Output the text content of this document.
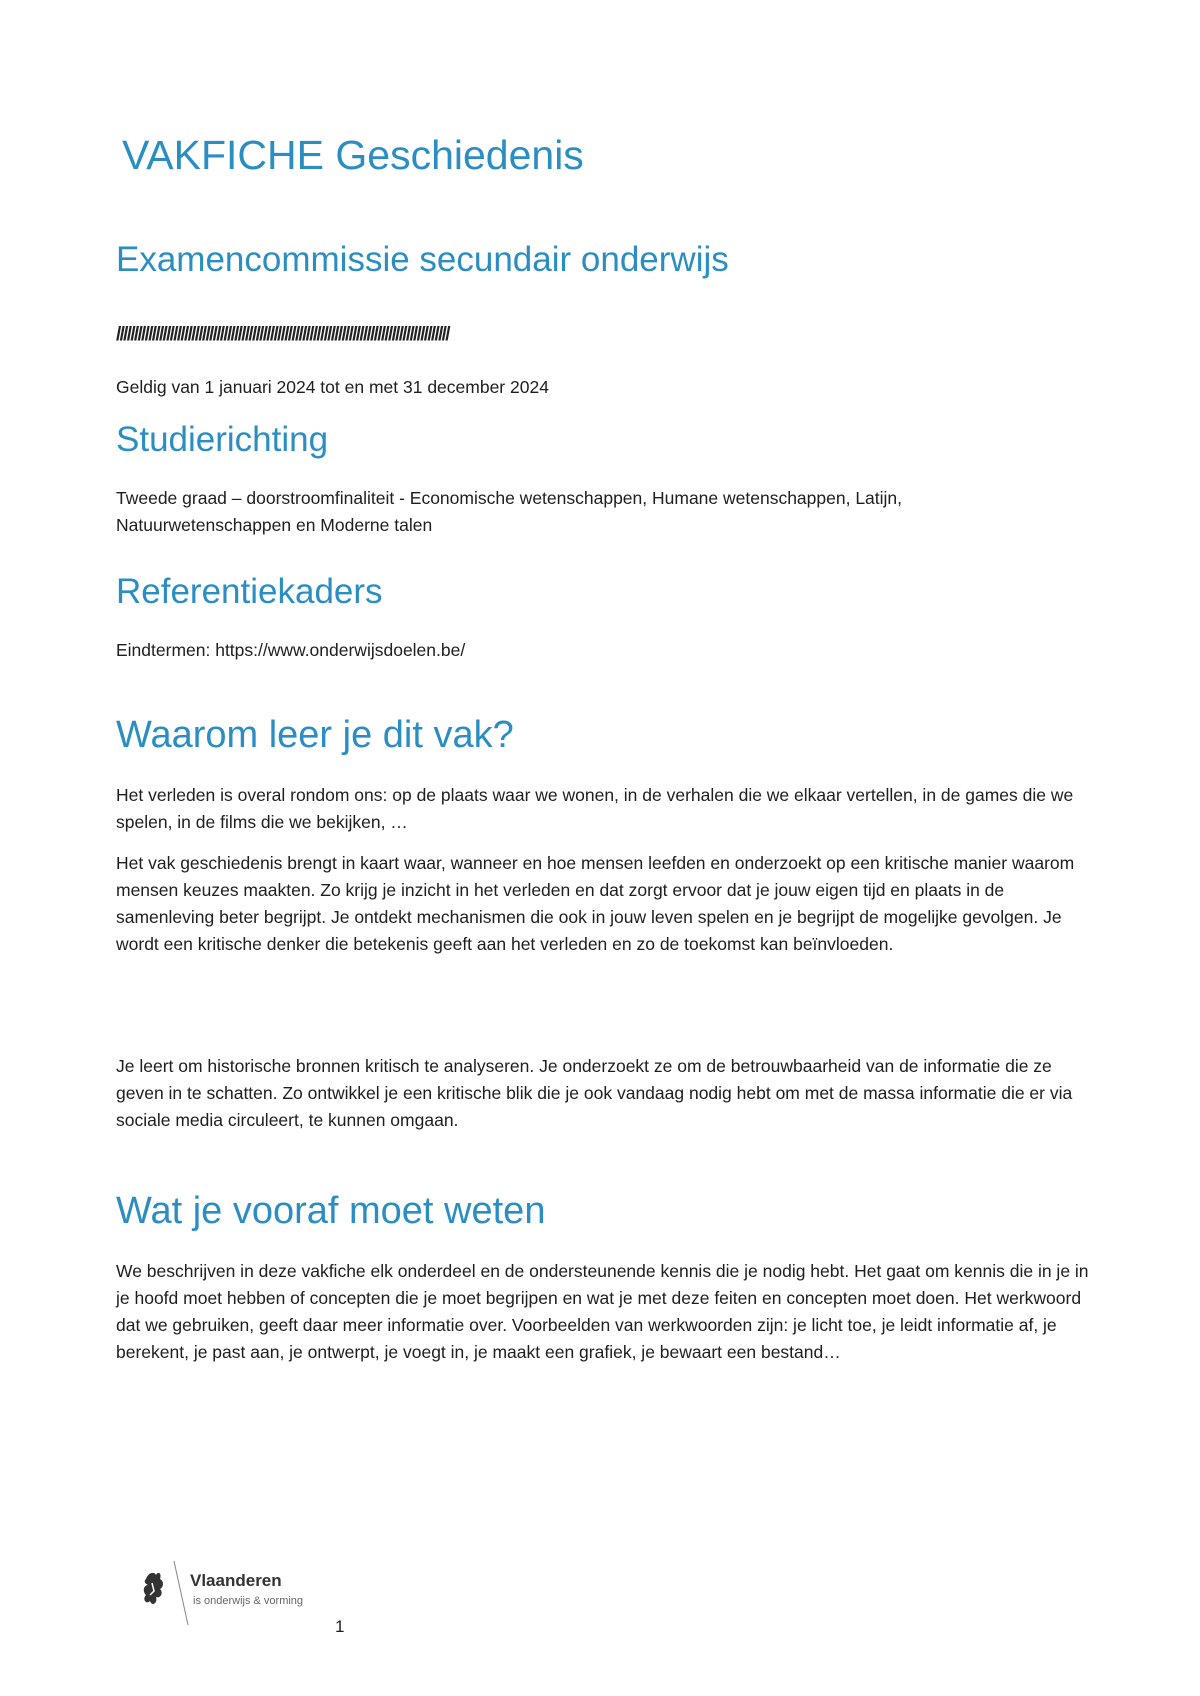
VAKFICHE Geschiedenis
Examencommissie secundair onderwijs

/////////////////////////////////////////////////////////////////////////////////////////////

Geldig van 1 januari 2024 tot en met 31 december 2024

Studierichting

Tweede graad – doorstroomfinaliteit - Economische wetenschappen, Humane wetenschappen, Latijn, Natuurwetenschappen en Moderne talen

Referentiekaders

Eindtermen: https://www.onderwijsdoelen.be/

Waarom leer je dit vak?

Het verleden is overal rondom ons: op de plaats waar we wonen, in de verhalen die we elkaar vertellen, in de games die we spelen, in de films die we bekijken, …

Het vak geschiedenis brengt in kaart waar, wanneer en hoe mensen leefden en onderzoekt op een kritische manier waarom mensen keuzes maakten. Zo krijg je inzicht in het verleden en dat zorgt ervoor dat je jouw eigen tijd en plaats in de samenleving beter begrijpt. Je ontdekt mechanismen die ook in jouw leven spelen en je begrijpt de mogelijke gevolgen. Je wordt een kritische denker die betekenis geeft aan het verleden en zo de toekomst kan beïnvloeden.

Je leert om historische bronnen kritisch te analyseren. Je onderzoekt ze om de betrouwbaarheid van de informatie die ze geven in te schatten. Zo ontwikkel je een kritische blik die je ook vandaag nodig hebt om met de massa informatie die er via sociale media circuleert, te kunnen omgaan.

Wat je vooraf moet weten

We beschrijven in deze vakfiche elk onderdeel en de ondersteunende kennis die je nodig hebt. Het gaat om kennis die in je in je hoofd moet hebben of concepten die je moet begrijpen en wat je met deze feiten en concepten moet doen. Het werkwoord dat we gebruiken, geeft daar meer informatie over. Voorbeelden van werkwoorden zijn: je licht toe, je leidt informatie af, je berekent, je past aan, je ontwerpt, je voegt in, je maakt een grafiek, je bewaart een bestand…

Vlaanderen

is onderwijs & vorming

1
